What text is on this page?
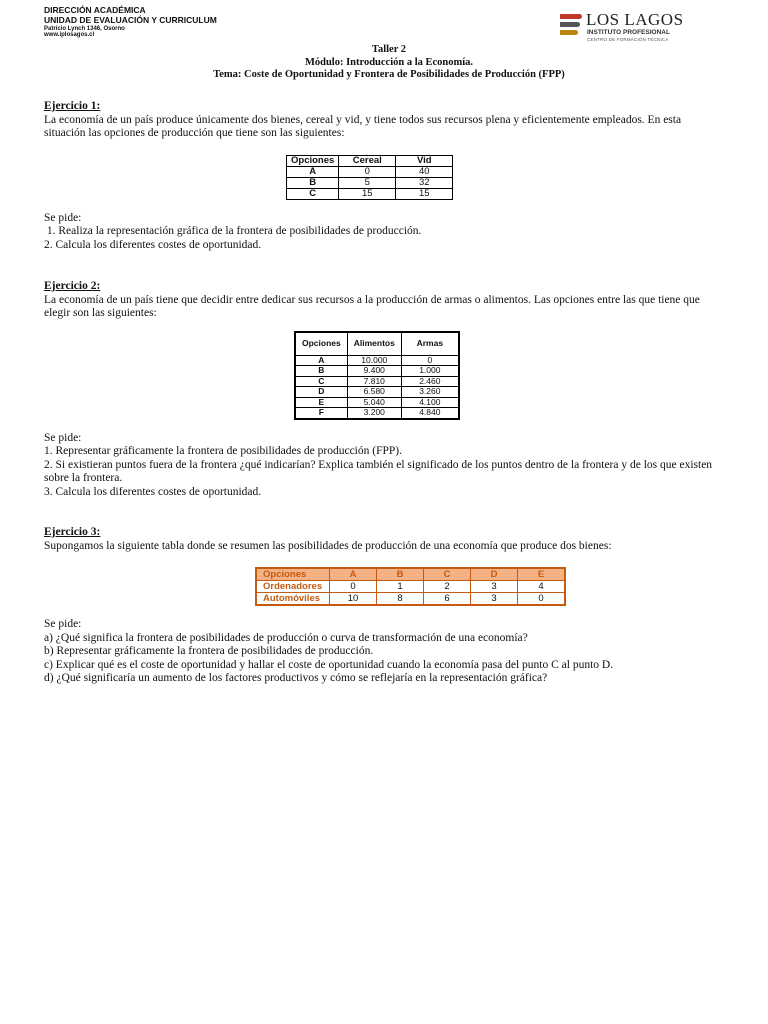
DIRECCIÓN ACADÉMICA
UNIDAD DE EVALUACIÓN Y CURRICULUM
Patricio Lynch 1346, Osorno
www.iplosagos.cl
LOS LAGOS
INSTITUTO PROFESIONAL
CENTRO DE FORMACIÓN TÉCNICA
Taller 2
Módulo: Introducción a la Economía.
Tema: Coste de Oportunidad y Frontera de Posibilidades de Producción (FPP)

Ejercicio 1:

La economía de un país produce únicamente dos bienes, cereal y vid, y tiene todos sus recursos plena y eficientemente empleados. En esta situación las opciones de producción que tiene son las siguientes:

Opciones	Cereal	Vid
A	0	40
B	5	32
C	15	15

Se pide:

1. Realiza la representación gráfica de la frontera de posibilidades de producción.

2. Calcula los diferentes costes de oportunidad.

Ejercicio 2:

La economía de un país tiene que decidir entre dedicar sus recursos a la producción de armas o alimentos. Las opciones entre las que tiene que elegir son las siguientes:

Opciones	Alimentos	Armas
A	10.000	0
B	9.400	1.000
C	7.810	2.460
D	6.580	3.260
E	5.040	4.100
F	3.200	4.840

Se pide:

1. Representar gráficamente la frontera de posibilidades de producción (FPP).

2. Si existieran puntos fuera de la frontera ¿qué indicarían? Explica también el significado de los puntos dentro de la frontera y de los que existen sobre la frontera.

3. Calcula los diferentes costes de oportunidad.

Ejercicio 3:

Supongamos la siguiente tabla donde se resumen las posibilidades de producción de una economía que produce dos bienes:

Opciones	A	B	C	D	E
Ordenadores	0	1	2	3	4
Automóviles	10	8	6	3	0

Se pide:

a) ¿Qué significa la frontera de posibilidades de producción o curva de transformación de una economía?

b) Representar gráficamente la frontera de posibilidades de producción.

c) Explicar qué es el coste de oportunidad y hallar el coste de oportunidad cuando la economía pasa del punto C al punto D.

d) ¿Qué significaría un aumento de los factores productivos y cómo se reflejaría en la representación gráfica?
